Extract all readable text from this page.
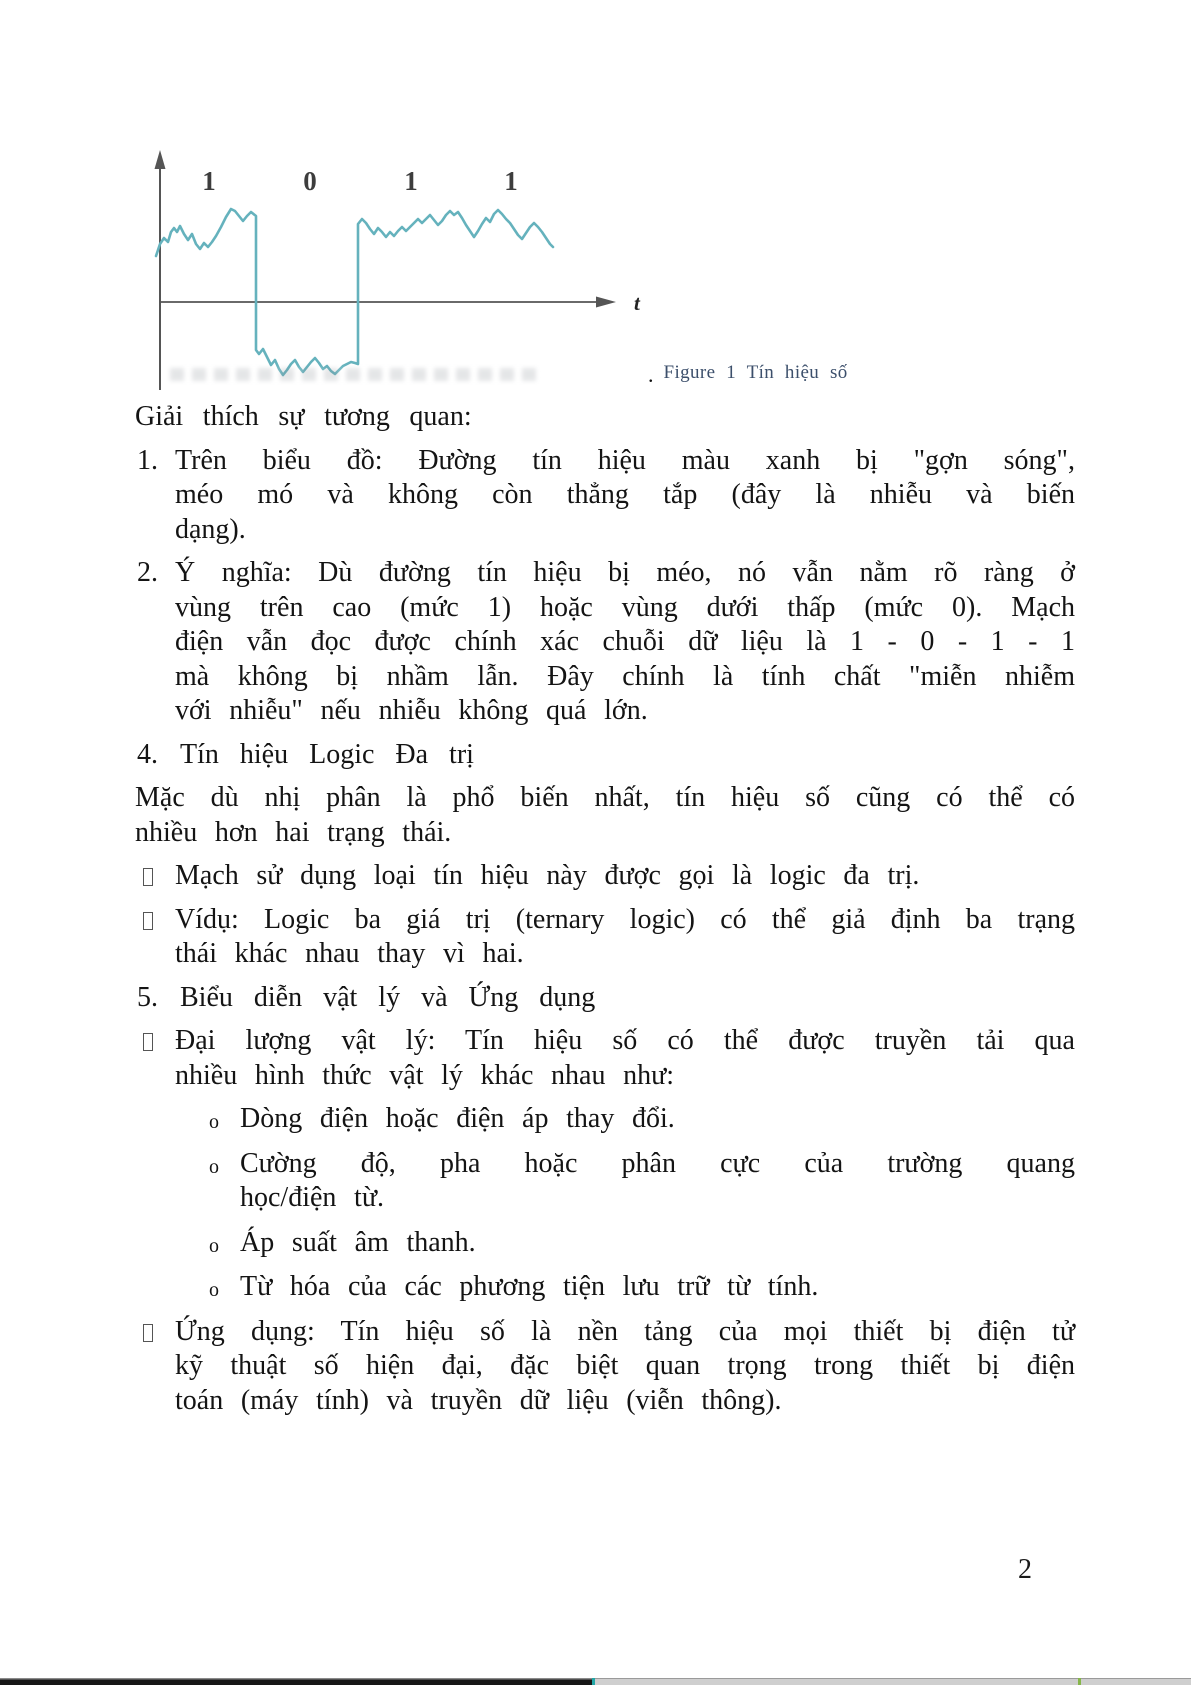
t
1	0	1	1
. Figure 1 Tín hiệu số
Giải thích sự tương quan:
1. Trên biểu đồ: Đường tín hiệu màu xanh bị "gợn sóng",
méo mó và không còn thẳng tắp (đây là nhiễu và biến
dạng).
2. Ý nghĩa: Dù đường tín hiệu bị méo, nó vẫn nằm rõ ràng ở
vùng trên cao (mức 1) hoặc vùng dưới thấp (mức 0). Mạch
điện vẫn đọc được chính xác chuỗi dữ liệu là 1 - 0 - 1 - 1
mà không bị nhầm lẫn. Đây chính là tính chất "miễn nhiễm
với nhiễu" nếu nhiễu không quá lớn.
4. Tín hiệu Logic Đa trị
Mặc dù nhị phân là phổ biến nhất, tín hiệu số cũng có thể có
nhiều hơn hai trạng thái.
Mạch sử dụng loại tín hiệu này được gọi là logic đa trị.
Vídụ: Logic ba giá trị (ternary logic) có thể giả định ba trạng
thái khác nhau thay vì hai.
5. Biểu diễn vật lý và Ứng dụng
Đại lượng vật lý: Tín hiệu số có thể được truyền tải qua
nhiều hình thức vật lý khác nhau như:
o Dòng điện hoặc điện áp thay đổi.
o Cường độ, pha hoặc phân cực của trường quang
học/điện từ.
o Áp suất âm thanh.
o Từ hóa của các phương tiện lưu trữ từ tính.
Ứng dụng: Tín hiệu số là nền tảng của mọi thiết bị điện tử
kỹ thuật số hiện đại, đặc biệt quan trọng trong thiết bị điện
toán (máy tính) và truyền dữ liệu (viễn thông).
2
